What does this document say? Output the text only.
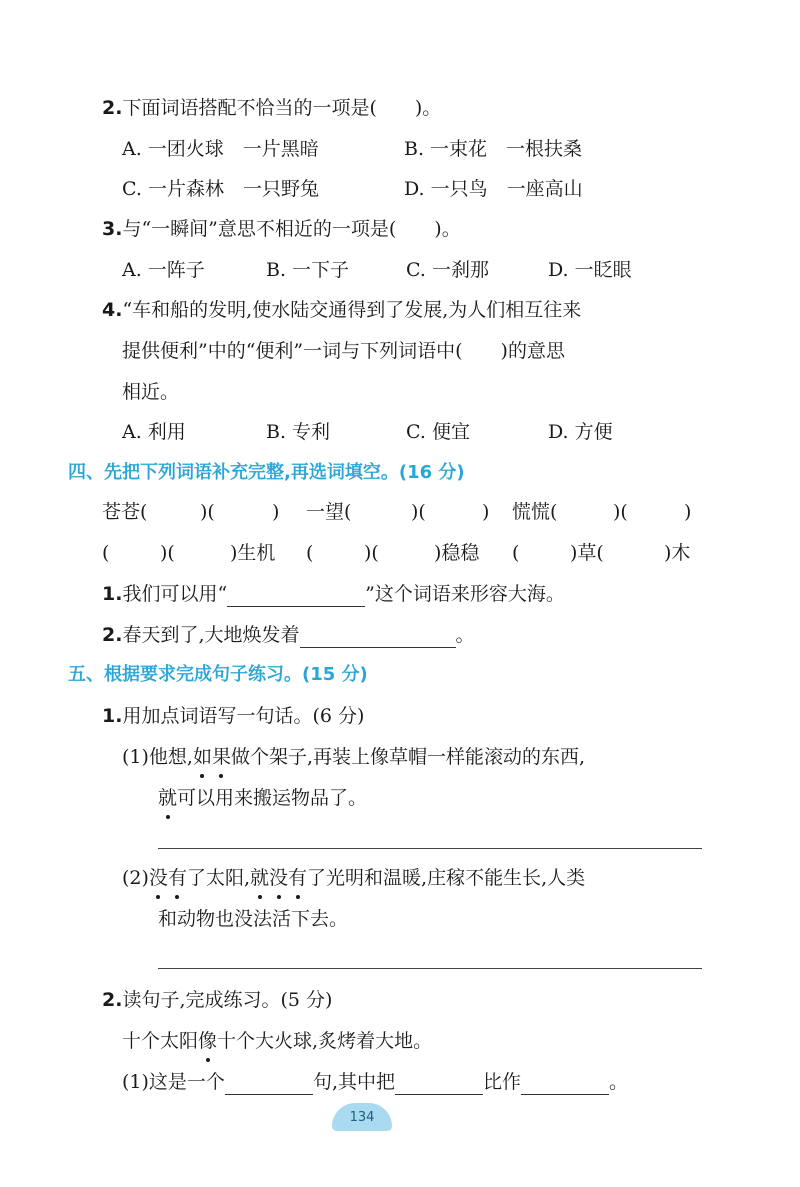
2.下面词语搭配不恰当的一项是(　　)。
A. 一团火球　一片黑暗	B. 一束花　一根扶桑
C. 一片森林　一只野兔	D. 一只鸟　一座高山
3.与“一瞬间”意思不相近的一项是(　　)。
A. 一阵子	B. 一下子	C. 一刹那	D. 一眨眼
4.“车和船的发明,使水陆交通得到了发展,为人们相互往来
提供便利”中的“便利”一词与下列词语中(　　)的意思
相近。
A. 利用	B. 专利	C. 便宜	D. 方便
四、先把下列词语补充完整,再选词填空。(16 分)
苍苍(	)(	) 一望(	)(	) 慌慌(	)(	)
(	)(	)生机 (	)(	)稳稳 (	)草(	)木
1.我们可以用“	”这个词语来形容大海。
2.春天到了,大地焕发着	。
五、根据要求完成句子练习。(15 分)
1.用加点词语写一句话。(6 分)
(1)他想,如果做个架子,再装上像草帽一样能滚动的东西,
就可以用来搬运物品了。
(2)没有了太阳,就没有了光明和温暖,庄稼不能生长,人类
和动物也没法活下去。
2.读句子,完成练习。(5 分)
十个太阳像十个大火球,炙烤着大地。
(1)这是一个	句,其中把	比作	。
134
